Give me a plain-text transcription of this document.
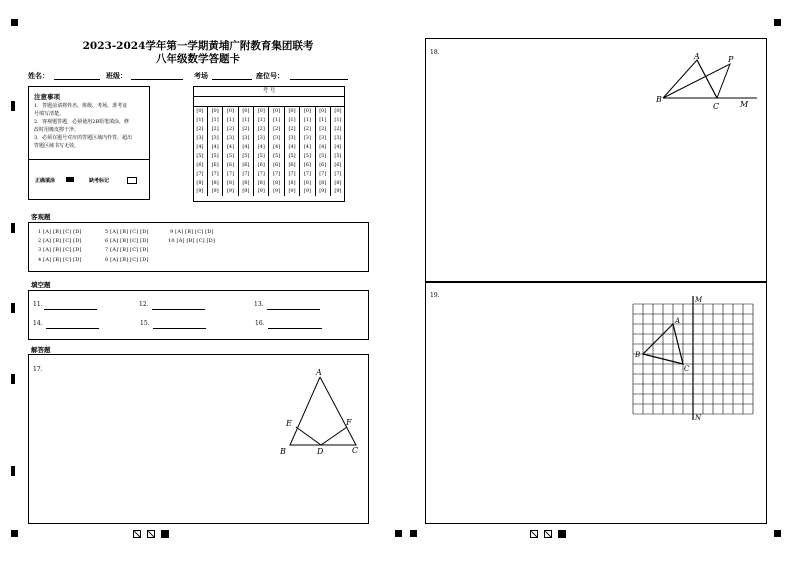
2023-2024学年第一学期黄埔广附教育集团联考
八年级数学答题卡
姓名：	班级：	考场	座位号：
注意事项
1．答题前请将姓名、班级、考场、准考证
号填写清楚。
2．客观题答题，必须使用2B铅笔填涂，修
改时用橡皮擦干净。
3．必须在题号对应的答题区域内作答，超出
答题区域书写无效。
正确填涂	缺考标记
考 号
[0]	[0]	[0]	[0]	[0]	[0]	[0]	[0]	[0]	[0]
[1]	[1]	[1]	[1]	[1]	[1]	[1]	[1]	[1]	[1]
[2]	[2]	[2]	[2]	[2]	[2]	[2]	[2]	[2]	[2]
[3]	[3]	[3]	[3]	[3]	[3]	[3]	[3]	[3]	[3]
[4]	[4]	[4]	[4]	[4]	[4]	[4]	[4]	[4]	[4]
[5]	[5]	[5]	[5]	[5]	[5]	[5]	[5]	[5]	[5]
[6]	[6]	[6]	[6]	[6]	[6]	[6]	[6]	[6]	[6]
[7]	[7]	[7]	[7]	[7]	[7]	[7]	[7]	[7]	[7]
[8]	[8]	[8]	[8]	[8]	[8]	[8]	[8]	[8]	[8]
[9]	[9]	[9]	[9]	[9]	[9]	[9]	[9]	[9]	[9]
客观题
1 [A] [B] [C] [D]	5 [A] [B] [C] [D]	9 [A] [B] [C] [D]
2 [A] [B] [C] [D]	6 [A] [B] [C] [D]	10 [A] [B] [C] [D]
3 [A] [B] [C] [D]	7 [A] [B] [C] [D]
4 [A] [B] [C] [D]	8 [A] [B] [C] [D]
填空题
11.	12.	13.
14.	15.	16.
解答题
17.	A
B	C
D
E	F
18.	A
B
C	M
P
19.
A
B
C
M
N
